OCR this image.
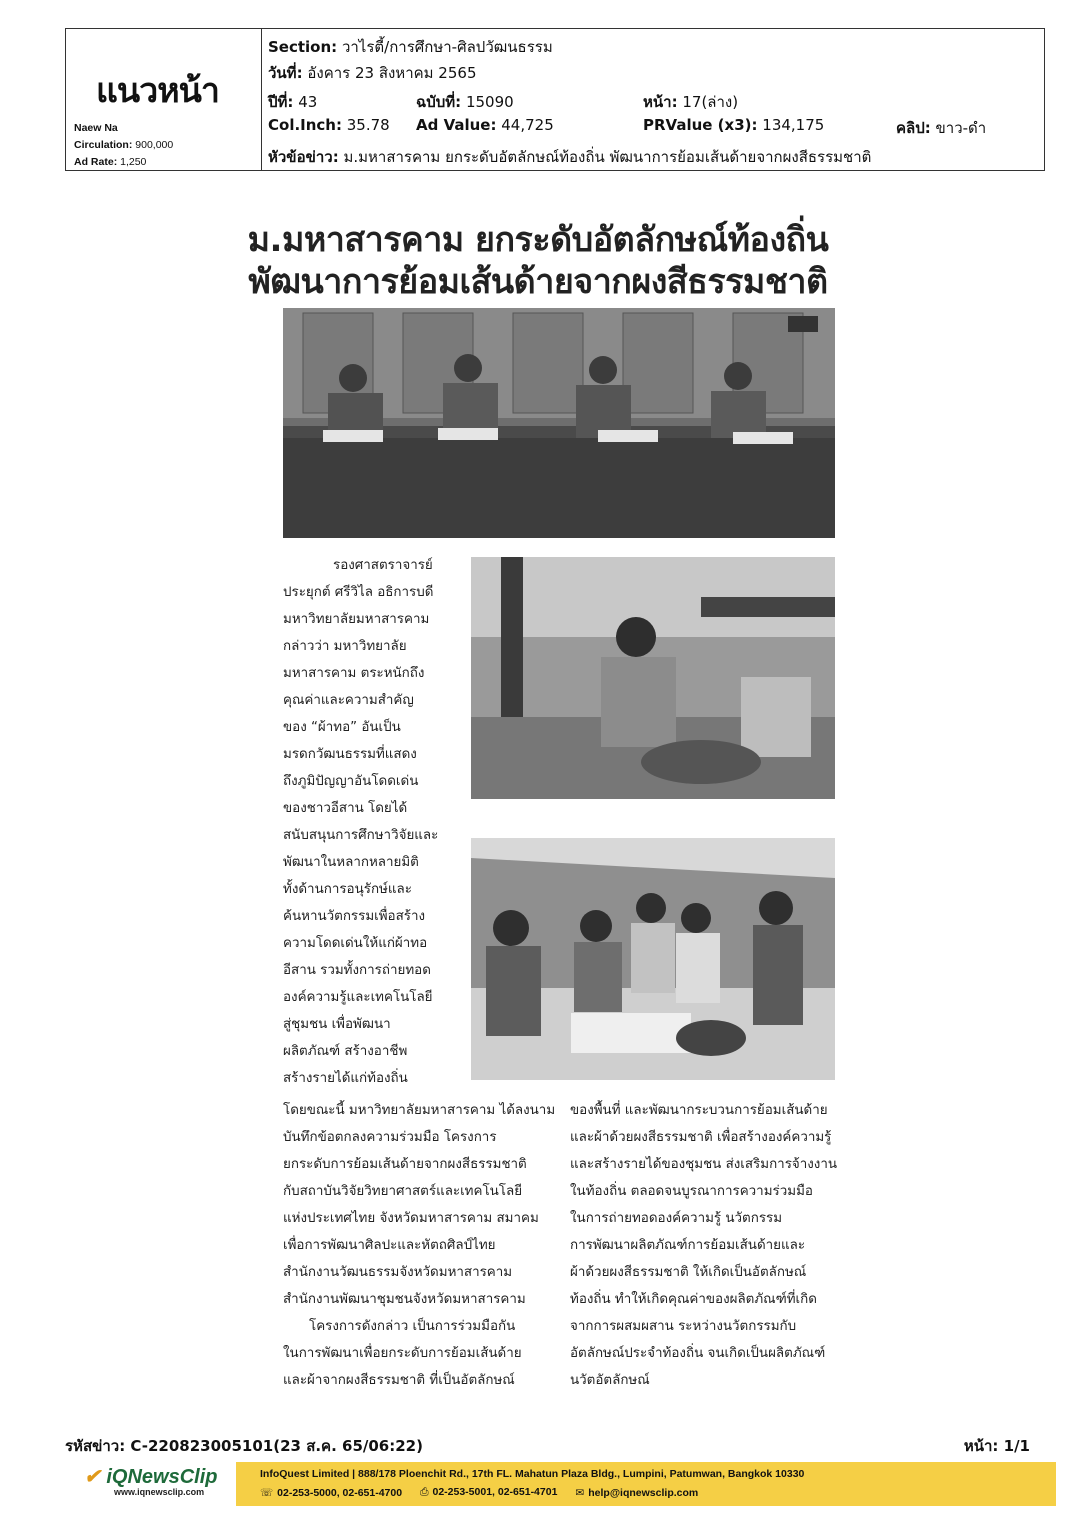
แนวหน้า
Naew Na
Circulation: 900,000
Ad Rate: 1,250
Section: วาไรตี้/การศึกษา-ศิลปวัฒนธรรม
วันที่: อังคาร 23 สิงหาคม 2565
ปีที่: 43	ฉบับที่: 15090	หน้า: 17(ล่าง)
Col.Inch: 35.78 Ad Value: 44,725	PRValue (x3): 134,175	คลิป: ขาว-ดำ
หัวข้อข่าว: ม.มหาสารคาม ยกระดับอัตลักษณ์ท้องถิ่น พัฒนาการย้อมเส้นด้ายจากผงสีธรรมชาติ
ม.มหาสารคาม ยกระดับอัตลักษณ์ท้องถิ่น
พัฒนาการย้อมเส้นด้ายจากผงสีธรรมชาติ

รองศาสตราจารย์

ประยุกต์ ศรีวิไล อธิการบดี

มหาวิทยาลัยมหาสารคาม

กล่าวว่า มหาวิทยาลัย

มหาสารคาม ตระหนักถึง

คุณค่าและความสำคัญ

ของ “ผ้าทอ” อันเป็น

มรดกวัฒนธรรมที่แสดง

ถึงภูมิปัญญาอันโดดเด่น

ของชาวอีสาน โดยได้

สนับสนุนการศึกษาวิจัยและ

พัฒนาในหลากหลายมิติ

ทั้งด้านการอนุรักษ์และ

ค้นหานวัตกรรมเพื่อสร้าง

ความโดดเด่นให้แก่ผ้าทอ

อีสาน รวมทั้งการถ่ายทอด

องค์ความรู้และเทคโนโลยี

สู่ชุมชน เพื่อพัฒนา

ผลิตภัณฑ์ สร้างอาชีพ

สร้างรายได้แก่ท้องถิ่น

โดยขณะนี้ มหาวิทยาลัยมหาสารคาม ได้ลงนาม

บันทึกข้อตกลงความร่วมมือ โครงการ

ยกระดับการย้อมเส้นด้ายจากผงสีธรรมชาติ

กับสถาบันวิจัยวิทยาศาสตร์และเทคโนโลยี

แห่งประเทศไทย จังหวัดมหาสารคาม สมาคม

เพื่อการพัฒนาศิลปะและหัตถศิลป์ไทย

สำนักงานวัฒนธรรมจังหวัดมหาสารคาม

สำนักงานพัฒนาชุมชนจังหวัดมหาสารคาม

โครงการดังกล่าว เป็นการร่วมมือกัน

ในการพัฒนาเพื่อยกระดับการย้อมเส้นด้าย

และผ้าจากผงสีธรรมชาติ ที่เป็นอัตลักษณ์

ของพื้นที่ และพัฒนากระบวนการย้อมเส้นด้าย

และผ้าด้วยผงสีธรรมชาติ เพื่อสร้างองค์ความรู้

และสร้างรายได้ของชุมชน ส่งเสริมการจ้างงาน

ในท้องถิ่น ตลอดจนบูรณาการความร่วมมือ

ในการถ่ายทอดองค์ความรู้ นวัตกรรม

การพัฒนาผลิตภัณฑ์การย้อมเส้นด้ายและ

ผ้าด้วยผงสีธรรมชาติ ให้เกิดเป็นอัตลักษณ์

ท้องถิ่น ทำให้เกิดคุณค่าของผลิตภัณฑ์ที่เกิด

จากการผสมผสาน ระหว่างนวัตกรรมกับ

อัตลักษณ์ประจำท้องถิ่น จนเกิดเป็นผลิตภัณฑ์

นวัตอัตลักษณ์

รหัสข่าว: C-220823005101(23 ส.ค. 65/06:22)	หน้า: 1/1
✔ iQNewsClip
www.iqnewsclip.com
InfoQuest Limited | 888/178 Ploenchit Rd., 17th FL. Mahatun Plaza Bldg., Lumpini, Patumwan, Bangkok 10330
☏ 02-253-5000, 02-651-4700 ⎙ 02-253-5001, 02-651-4701 ✉ help@iqnewsclip.com
